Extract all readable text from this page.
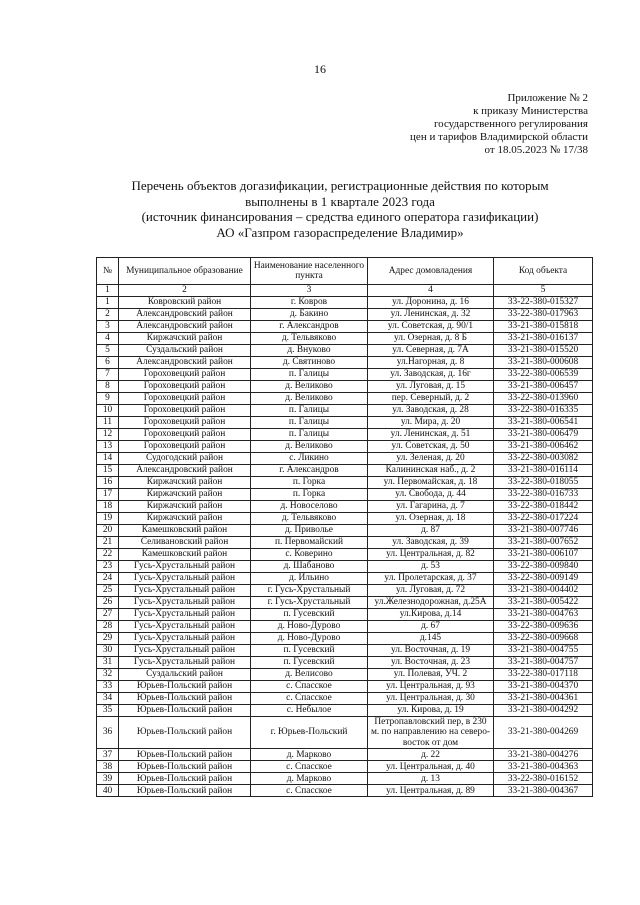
16
Приложение № 2
к приказу Министерства
государственного регулирования
цен и тарифов Владимирской области
от 18.05.2023 № 17/38
Перечень объектов догазификации, регистрационные действия по которым
выполнены в 1 квартале 2023 года
(источник финансирования – средства единого оператора газификации)
АО «Газпром газораспределение Владимир»
№	Муниципальное образование	Наименование населенного пункта	Адрес домовладения	Код объекта
1	2	3	4	5
1	Ковровский район	г. Ковров	ул. Доронина, д. 16	33-22-380-015327
2	Александровский район	д. Бакино	ул. Ленинская, д. 32	33-22-380-017963
3	Александровский район	г. Александров	ул. Советская, д. 90/1	33-21-380-015818
4	Киржачский район	д. Тельвяково	ул. Озерная, д. 8 Б	33-21-380-016137
5	Суздальский район	д. Внуково	ул. Северная, д. 7А	33-21-380-015520
6	Александровский район	д. Святиново	ул.Нагорная, д. 8	33-21-380-000608
7	Гороховецкий район	п. Галицы	ул. Заводская, д. 16г	33-22-380-006539
8	Гороховецкий район	д. Великово	ул. Луговая, д. 15	33-21-380-006457
9	Гороховецкий район	д. Великово	пер. Северный, д. 2	33-22-380-013960
10	Гороховецкий район	п. Галицы	ул. Заводская, д. 28	33-22-380-016335
11	Гороховецкий район	п. Галицы	ул. Мира, д. 20	33-21-380-006541
12	Гороховецкий район	п. Галицы	ул. Ленинская, д. 51	33-21-380-006479
13	Гороховецкий район	д. Великово	ул. Советская, д. 50	33-21-380-006462
14	Судогодский район	с. Ликино	ул. Зеленая, д. 20	33-22-380-003082
15	Александровский район	г. Александров	Калининская наб., д. 2	33-21-380-016114
16	Киржачский район	п. Горка	ул. Первомайская, д. 18	33-22-380-018055
17	Киржачский район	п. Горка	ул. Свобода, д. 44	33-22-380-016733
18	Киржачский район	д. Новоселово	ул. Гагарина, д. 7	33-22-380-018442
19	Киржачский район	д. Тельвяково	ул. Озерная, д. 18	33-22-380-017224
20	Камешковский район	д. Приволье	д. 87	33-21-380-007746
21	Селивановский район	п. Первомайский	ул. Заводская, д. 39	33-21-380-007652
22	Камешковский район	с. Коверино	ул. Центральная, д. 82	33-21-380-006107
23	Гусь-Хрустальный район	д. Шабаново	д. 53	33-22-380-009840
24	Гусь-Хрустальный район	д. Ильино	ул. Пролетарская, д. 37	33-22-380-009149
25	Гусь-Хрустальный район	г. Гусь-Хрустальный	ул. Луговая, д. 72	33-21-380-004402
26	Гусь-Хрустальный район	г. Гусь-Хрустальный	ул.Железнодорожная, д.25А	33-21-380-005422
27	Гусь-Хрустальный район	п. Гусевский	ул.Кирова, д.14	33-21-380-004763
28	Гусь-Хрустальный район	д. Ново-Дурово	д. 67	33-22-380-009636
29	Гусь-Хрустальный район	д. Ново-Дурово	д.145	33-22-380-009668
30	Гусь-Хрустальный район	п. Гусевский	ул. Восточная, д. 19	33-21-380-004755
31	Гусь-Хрустальный район	п. Гусевский	ул. Восточная, д. 23	33-21-380-004757
32	Суздальский район	д. Велисово	ул. Полевая, УЧ. 2	33-22-380-017118
33	Юрьев-Польский район	с. Спасское	ул. Центральная, д. 93	33-21-380-004370
34	Юрьев-Польский район	с. Спасское	ул. Центральная, д. 30	33-21-380-004361
35	Юрьев-Польский район	с. Небылое	ул. Кирова, д. 19	33-21-380-004292
36	Юрьев-Польский район	г. Юрьев-Польский	Петропавловский пер, в 230 м. по направлению на северо-восток от дом	33-21-380-004269
37	Юрьев-Польский район	д. Марково	д. 22	33-21-380-004276
38	Юрьев-Польский район	с. Спасское	ул. Центральная, д. 40	33-21-380-004363
39	Юрьев-Польский район	д. Марково	д. 13	33-22-380-016152
40	Юрьев-Польский район	с. Спасское	ул. Центральная, д. 89	33-21-380-004367
